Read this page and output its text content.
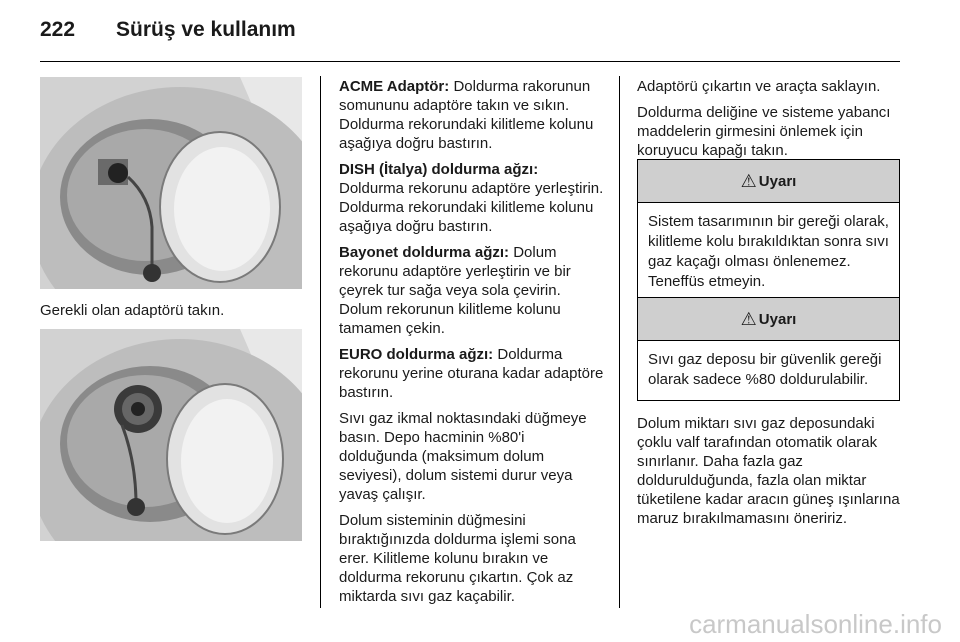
222 Sürüş ve kullanım
Gerekli olan adaptörü takın.

ACME Adaptör: Doldurma rakorunun somununu adaptöre takın ve sıkın. Doldurma rekorundaki kilitleme kolunu aşağıya doğru bastırın.

DISH (İtalya) doldurma ağzı: Doldurma rekorunu adaptöre yerleştirin. Doldurma rekorundaki kilitleme kolunu aşağıya doğru bastırın.

Bayonet doldurma ağzı: Dolum rekorunu adaptöre yerleştirin ve bir çeyrek tur sağa veya sola çevirin. Dolum rekorunun kilitleme kolunu tamamen çekin.

EURO doldurma ağzı: Doldurma rekorunu yerine oturana kadar adaptöre bastırın.

Sıvı gaz ikmal noktasındaki düğmeye basın. Depo hacminin %80'i dolduğunda (maksimum dolum seviyesi), dolum sistemi durur veya yavaş çalışır.

Dolum sisteminin düğmesini bıraktığınızda doldurma işlemi sona erer. Kilitleme kolunu bırakın ve doldurma rekorunu çıkartın. Çok az miktarda sıvı gaz kaçabilir.

Adaptörü çıkartın ve araçta saklayın.

Doldurma deliğine ve sisteme yabancı maddelerin girmesini önlemek için koruyucu kapağı takın.

⚠ Uyarı
Sistem tasarımının bir gereği olarak, kilitleme kolu bırakıldıktan sonra sıvı gaz kaçağı olması önlenemez. Teneffüs etmeyin.
⚠ Uyarı
Sıvı gaz deposu bir güvenlik gereği olarak sadece %80 doldurulabilir.

Dolum miktarı sıvı gaz deposundaki çoklu valf tarafından otomatik olarak sınırlanır. Daha fazla gaz doldurulduğunda, fazla olan miktar tüketilene kadar aracın güneş ışınlarına maruz bırakılmamasını öneririz.

carmanualsonline.info
